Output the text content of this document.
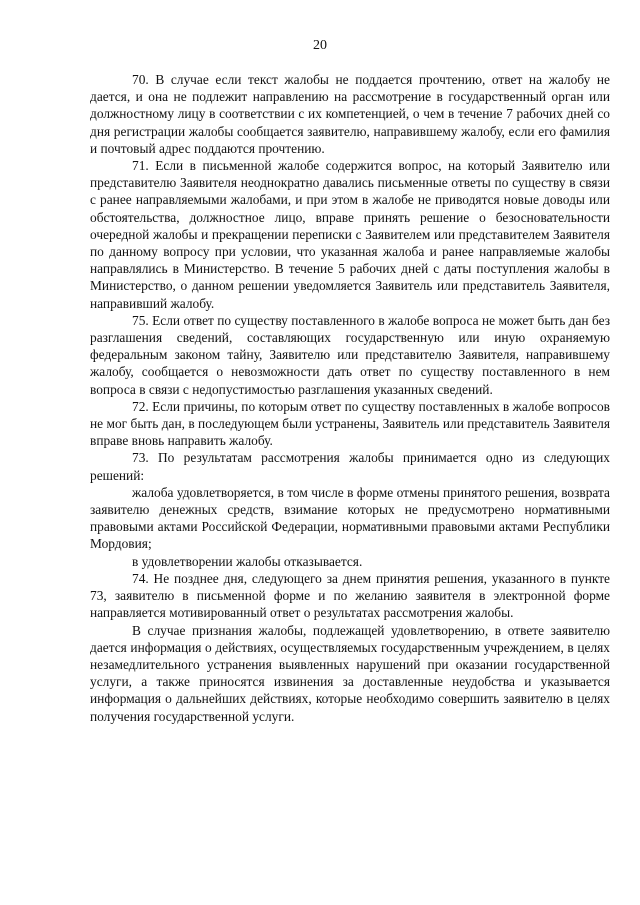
20

70. В случае если текст жалобы не поддается прочтению, ответ на жалобу не дается, и она не подлежит направлению на рассмотрение в государственный орган или должностному лицу в соответствии с их компетенцией, о чем в течение 7 рабочих дней со дня регистрации жалобы сообщается заявителю, направившему жалобу, если его фамилия и почтовый адрес поддаются прочтению.

71. Если в письменной жалобе содержится вопрос, на который Заявителю или представителю Заявителя неоднократно давались письменные ответы по существу в связи с ранее направляемыми жалобами, и при этом в жалобе не приводятся новые доводы или обстоятельства, должностное лицо, вправе принять решение о безосновательности очередной жалобы и прекращении переписки с Заявителем или представителем Заявителя по данному вопросу при условии, что указанная жалоба и ранее направляемые жалобы направлялись в Министерство. В течение 5 рабочих дней с даты поступления жалобы в Министерство, о данном решении уведомляется Заявитель или представитель Заявителя, направивший жалобу.

75. Если ответ по существу поставленного в жалобе вопроса не может быть дан без разглашения сведений, составляющих государственную или иную охраняемую федеральным законом тайну, Заявителю или представителю Заявителя, направившему жалобу, сообщается о невозможности дать ответ по существу поставленного в нем вопроса в связи с недопустимостью разглашения указанных сведений.

72. Если причины, по которым ответ по существу поставленных в жалобе вопросов не мог быть дан, в последующем были устранены, Заявитель или представитель Заявителя вправе вновь направить жалобу.

73. По результатам рассмотрения жалобы принимается одно из следующих решений:

жалоба удовлетворяется, в том числе в форме отмены принятого решения, возврата заявителю денежных средств, взимание которых не предусмотрено нормативными правовыми актами Российской Федерации, нормативными правовыми актами Республики Мордовия;

в удовлетворении жалобы отказывается.

74. Не позднее дня, следующего за днем принятия решения, указанного в пункте 73, заявителю в письменной форме и по желанию заявителя в электронной форме направляется мотивированный ответ о результатах рассмотрения жалобы.

В случае признания жалобы, подлежащей удовлетворению, в ответе заявителю дается информация о действиях, осуществляемых государственным учреждением, в целях незамедлительного устранения выявленных нарушений при оказании государственной услуги, а также приносятся извинения за доставленные неудобства и указывается информация о дальнейших действиях, которые необходимо совершить заявителю в целях получения государственной услуги.
